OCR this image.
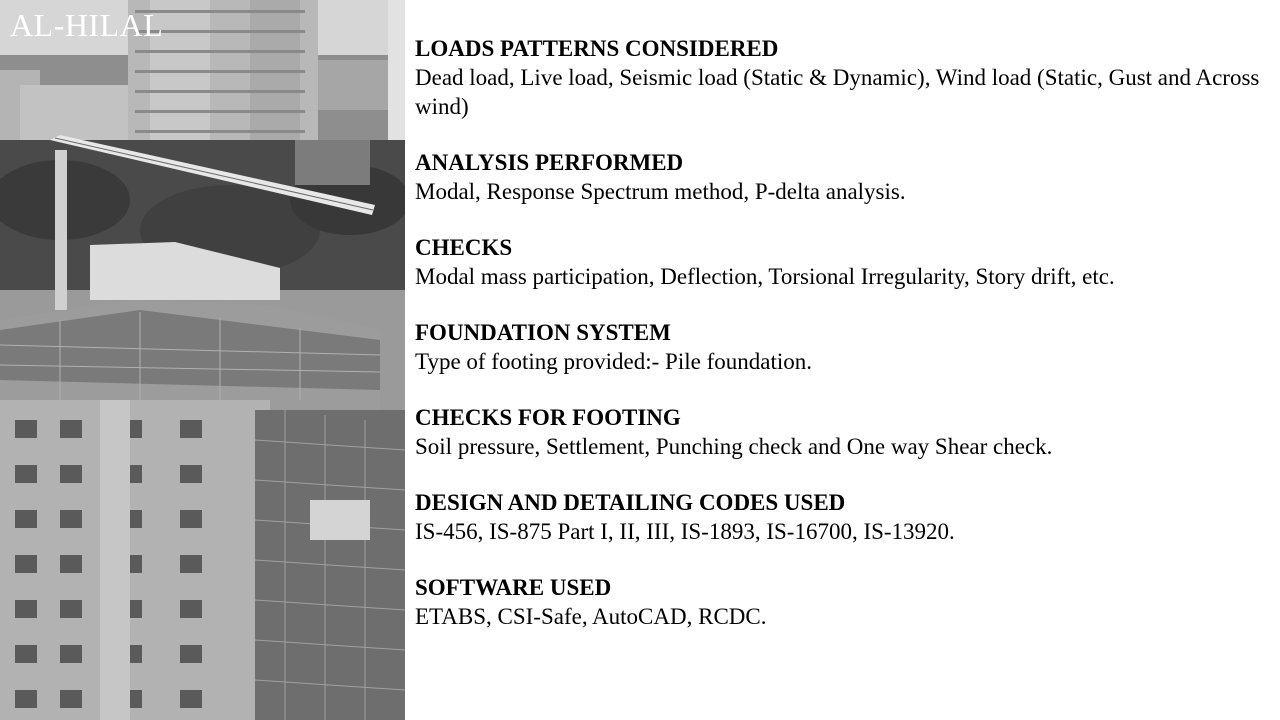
AL-HILAL

LOADS PATTERNS CONSIDERED

Dead load, Live load, Seismic load (Static & Dynamic), Wind load (Static, Gust and Across wind)

ANALYSIS PERFORMED

Modal, Response Spectrum method, P-delta analysis.

CHECKS

Modal mass participation, Deflection, Torsional Irregularity, Story drift, etc.

FOUNDATION SYSTEM

Type of footing provided:- Pile foundation.

CHECKS FOR FOOTING

Soil pressure, Settlement, Punching check and One way Shear check.

DESIGN AND DETAILING CODES USED

IS-456, IS-875 Part I, II, III, IS-1893, IS-16700, IS-13920.

SOFTWARE USED

ETABS, CSI-Safe, AutoCAD, RCDC.
